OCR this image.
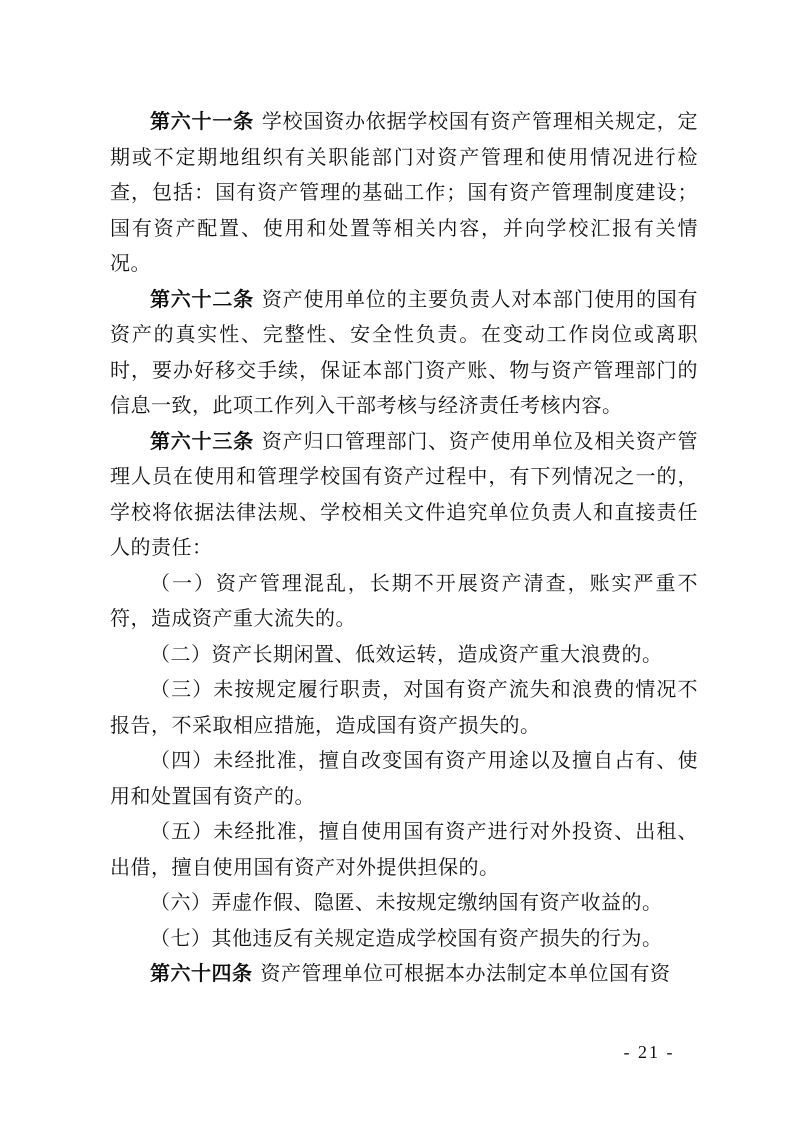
第六十一条 学校国资办依据学校国有资产管理相关规定，定期或不定期地组织有关职能部门对资产管理和使用情况进行检查，包括：国有资产管理的基础工作；国有资产管理制度建设；国有资产配置、使用和处置等相关内容，并向学校汇报有关情况。

第六十二条 资产使用单位的主要负责人对本部门使用的国有资产的真实性、完整性、安全性负责。在变动工作岗位或离职时，要办好移交手续，保证本部门资产账、物与资产管理部门的信息一致，此项工作列入干部考核与经济责任考核内容。

第六十三条 资产归口管理部门、资产使用单位及相关资产管理人员在使用和管理学校国有资产过程中，有下列情况之一的，学校将依据法律法规、学校相关文件追究单位负责人和直接责任人的责任：

（一）资产管理混乱，长期不开展资产清查，账实严重不符，造成资产重大流失的。

（二）资产长期闲置、低效运转，造成资产重大浪费的。

（三）未按规定履行职责，对国有资产流失和浪费的情况不报告，不采取相应措施，造成国有资产损失的。

（四）未经批准，擅自改变国有资产用途以及擅自占有、使用和处置国有资产的。

（五）未经批准，擅自使用国有资产进行对外投资、出租、出借，擅自使用国有资产对外提供担保的。

（六）弄虚作假、隐匿、未按规定缴纳国有资产收益的。

（七）其他违反有关规定造成学校国有资产损失的行为。

第六十四条 资产管理单位可根据本办法制定本单位国有资

- 21 -
